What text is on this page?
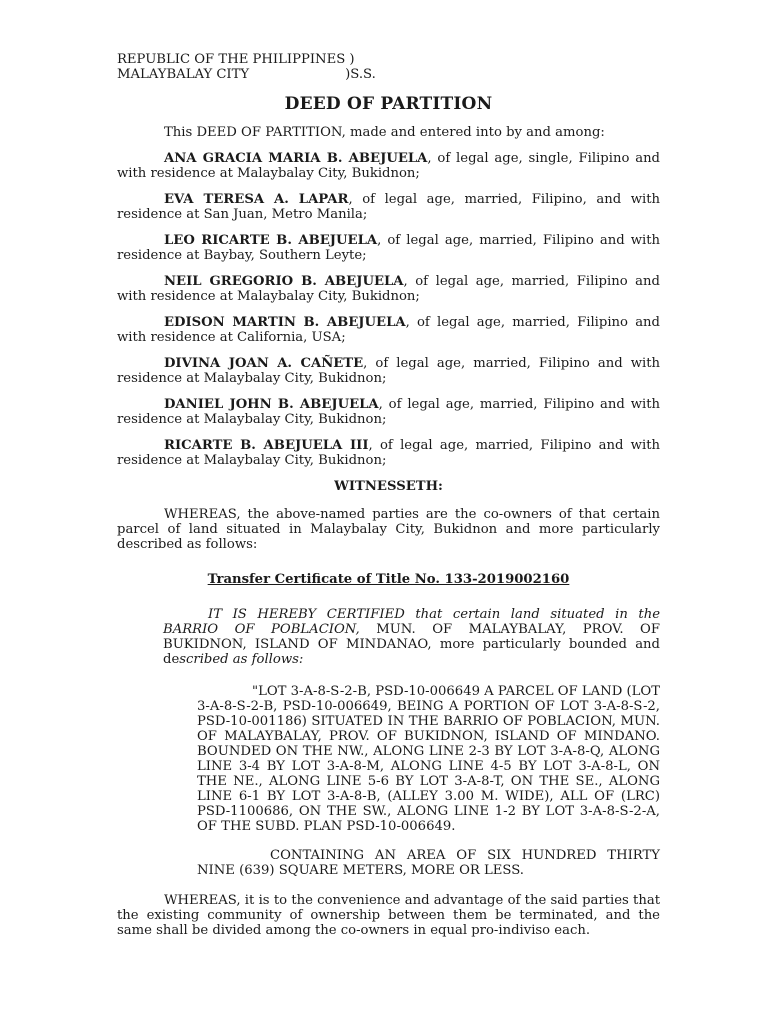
REPUBLIC OF THE PHILIPPINES )
MALAYBALAY CITY	)S.S.
DEED OF PARTITION

This DEED OF PARTITION, made and entered into by and among:

ANA GRACIA MARIA B. ABEJUELA, of legal age, single, Filipino and with residence at Malaybalay City, Bukidnon;

EVA TERESA A. LAPAR, of legal age, married, Filipino, and with residence at San Juan, Metro Manila;

LEO RICARTE B. ABEJUELA, of legal age, married, Filipino and with residence at Baybay, Southern Leyte;

NEIL GREGORIO B. ABEJUELA, of legal age, married, Filipino and with residence at Malaybalay City, Bukidnon;

EDISON MARTIN B. ABEJUELA, of legal age, married, Filipino and with residence at California, USA;

DIVINA JOAN A. CAÑETE, of legal age, married, Filipino and with residence at Malaybalay City, Bukidnon;

DANIEL JOHN B. ABEJUELA, of legal age, married, Filipino and with residence at Malaybalay City, Bukidnon;

RICARTE B. ABEJUELA III, of legal age, married, Filipino and with residence at Malaybalay City, Bukidnon;

WITNESSETH:

WHEREAS, the above-named parties are the co-owners of that certain parcel of land situated in Malaybalay City, Bukidnon and more particularly described as follows:

Transfer Certificate of Title No. 133-2019002160

IT IS HEREBY CERTIFIED that certain land situated in the BARRIO OF POBLACION, MUN. OF MALAYBALAY, PROV. OF BUKIDNON, ISLAND OF MINDANAO, more particularly bounded and described as follows:

"LOT 3-A-8-S-2-B, PSD-10-006649 A PARCEL OF LAND (LOT 3-A-8-S-2-B, PSD-10-006649, BEING A PORTION OF LOT 3-A-8-S-2, PSD-10-001186) SITUATED IN THE BARRIO OF POBLACION, MUN. OF MALAYBALAY, PROV. OF BUKIDNON, ISLAND OF MINDANO. BOUNDED ON THE NW., ALONG LINE 2-3 BY LOT 3-A-8-Q, ALONG LINE 3-4 BY LOT 3-A-8-M, ALONG LINE 4-5 BY LOT 3-A-8-L, ON THE NE., ALONG LINE 5-6 BY LOT 3-A-8-T, ON THE SE., ALONG LINE 6-1 BY LOT 3-A-8-B, (ALLEY 3.00 M. WIDE), ALL OF (LRC) PSD-1100686, ON THE SW., ALONG LINE 1-2 BY LOT 3-A-8-S-2-A, OF THE SUBD. PLAN PSD-10-006649.

CONTAINING AN AREA OF SIX HUNDRED THIRTY NINE (639) SQUARE METERS, MORE OR LESS.

WHEREAS, it is to the convenience and advantage of the said parties that the existing community of ownership between them be terminated, and the same shall be divided among the co-owners in equal pro-indiviso each.
